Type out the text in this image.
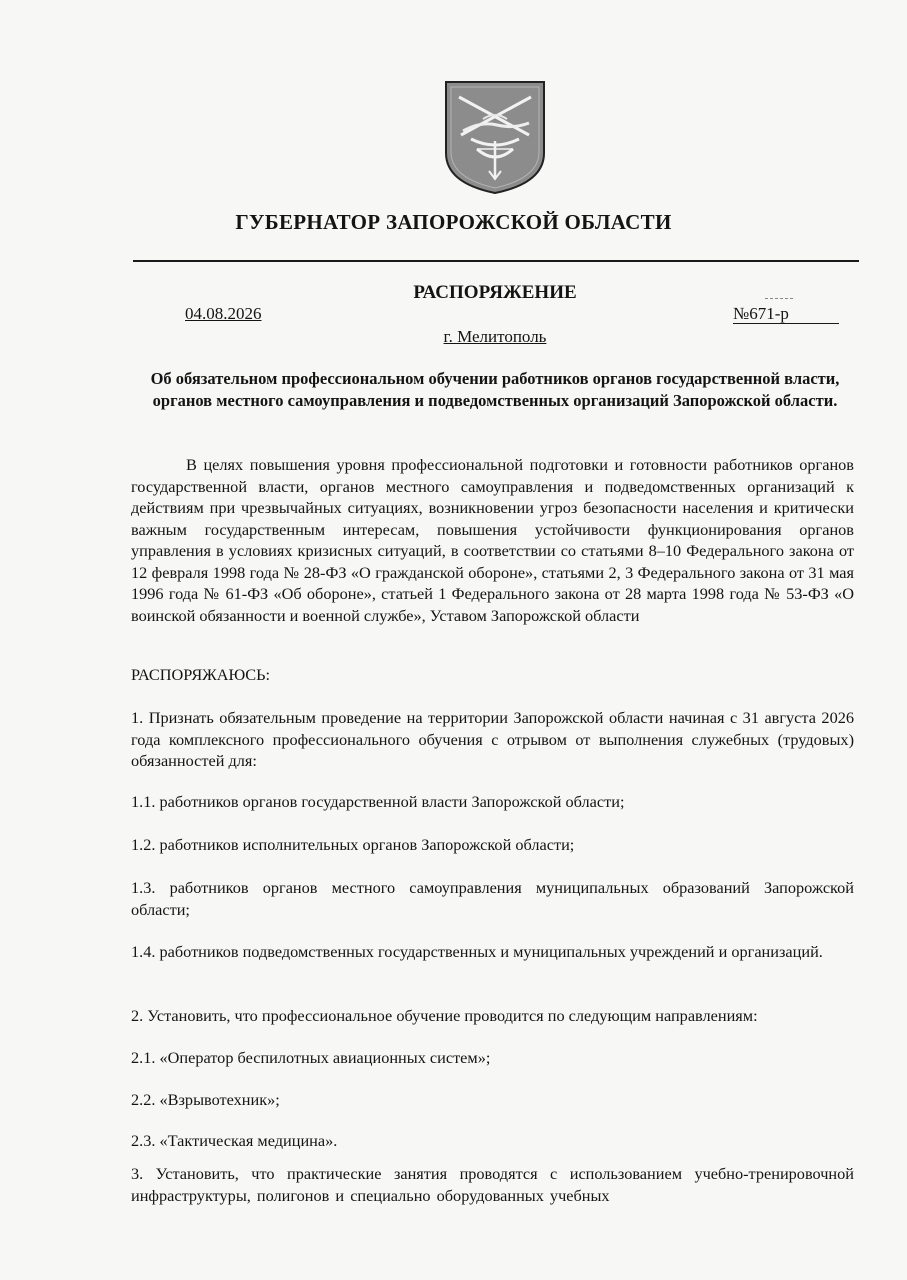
ГУБЕРНАТОР ЗАПОРОЖСКОЙ ОБЛАСТИ
РАСПОРЯЖЕНИЕ
04.08.2026	№671-р
г. Мелитополь
Об обязательном профессиональном обучении работников органов государственной власти, органов местного самоуправления и подведомственных организаций Запорожской области.

В целях повышения уровня профессиональной подготовки и готовности работников органов государственной власти, органов местного самоуправления и подведомственных организаций к действиям при чрезвычайных ситуациях, возникновении угроз безопасности населения и критически важным государственным интересам, повышения устойчивости функционирования органов управления в условиях кризисных ситуаций, в соответствии со статьями 8–10 Федерального закона от 12 февраля 1998 года № 28-ФЗ «О гражданской обороне», статьями 2, 3 Федерального закона от 31 мая 1996 года № 61-ФЗ «Об обороне», статьей 1 Федерального закона от 28 марта 1998 года № 53-ФЗ «О воинской обязанности и военной службе», Уставом Запорожской области

РАСПОРЯЖАЮСЬ:

1. Признать обязательным проведение на территории Запорожской области начиная с 31 августа 2026 года комплексного профессионального обучения с отрывом от выполнения служебных (трудовых) обязанностей для:

1.1. работников органов государственной власти Запорожской области;

1.2. работников исполнительных органов Запорожской области;

1.3. работников органов местного самоуправления муниципальных образований Запорожской области;

1.4. работников подведомственных государственных и муниципальных учреждений и организаций.

2. Установить, что профессиональное обучение проводится по следующим направлениям:

2.1. «Оператор беспилотных авиационных систем»;

2.2. «Взрывотехник»;

2.3. «Тактическая медицина».

3. Установить, что практические занятия проводятся с использованием учебно-тренировочной инфраструктуры, полигонов и специально оборудованных учебных
